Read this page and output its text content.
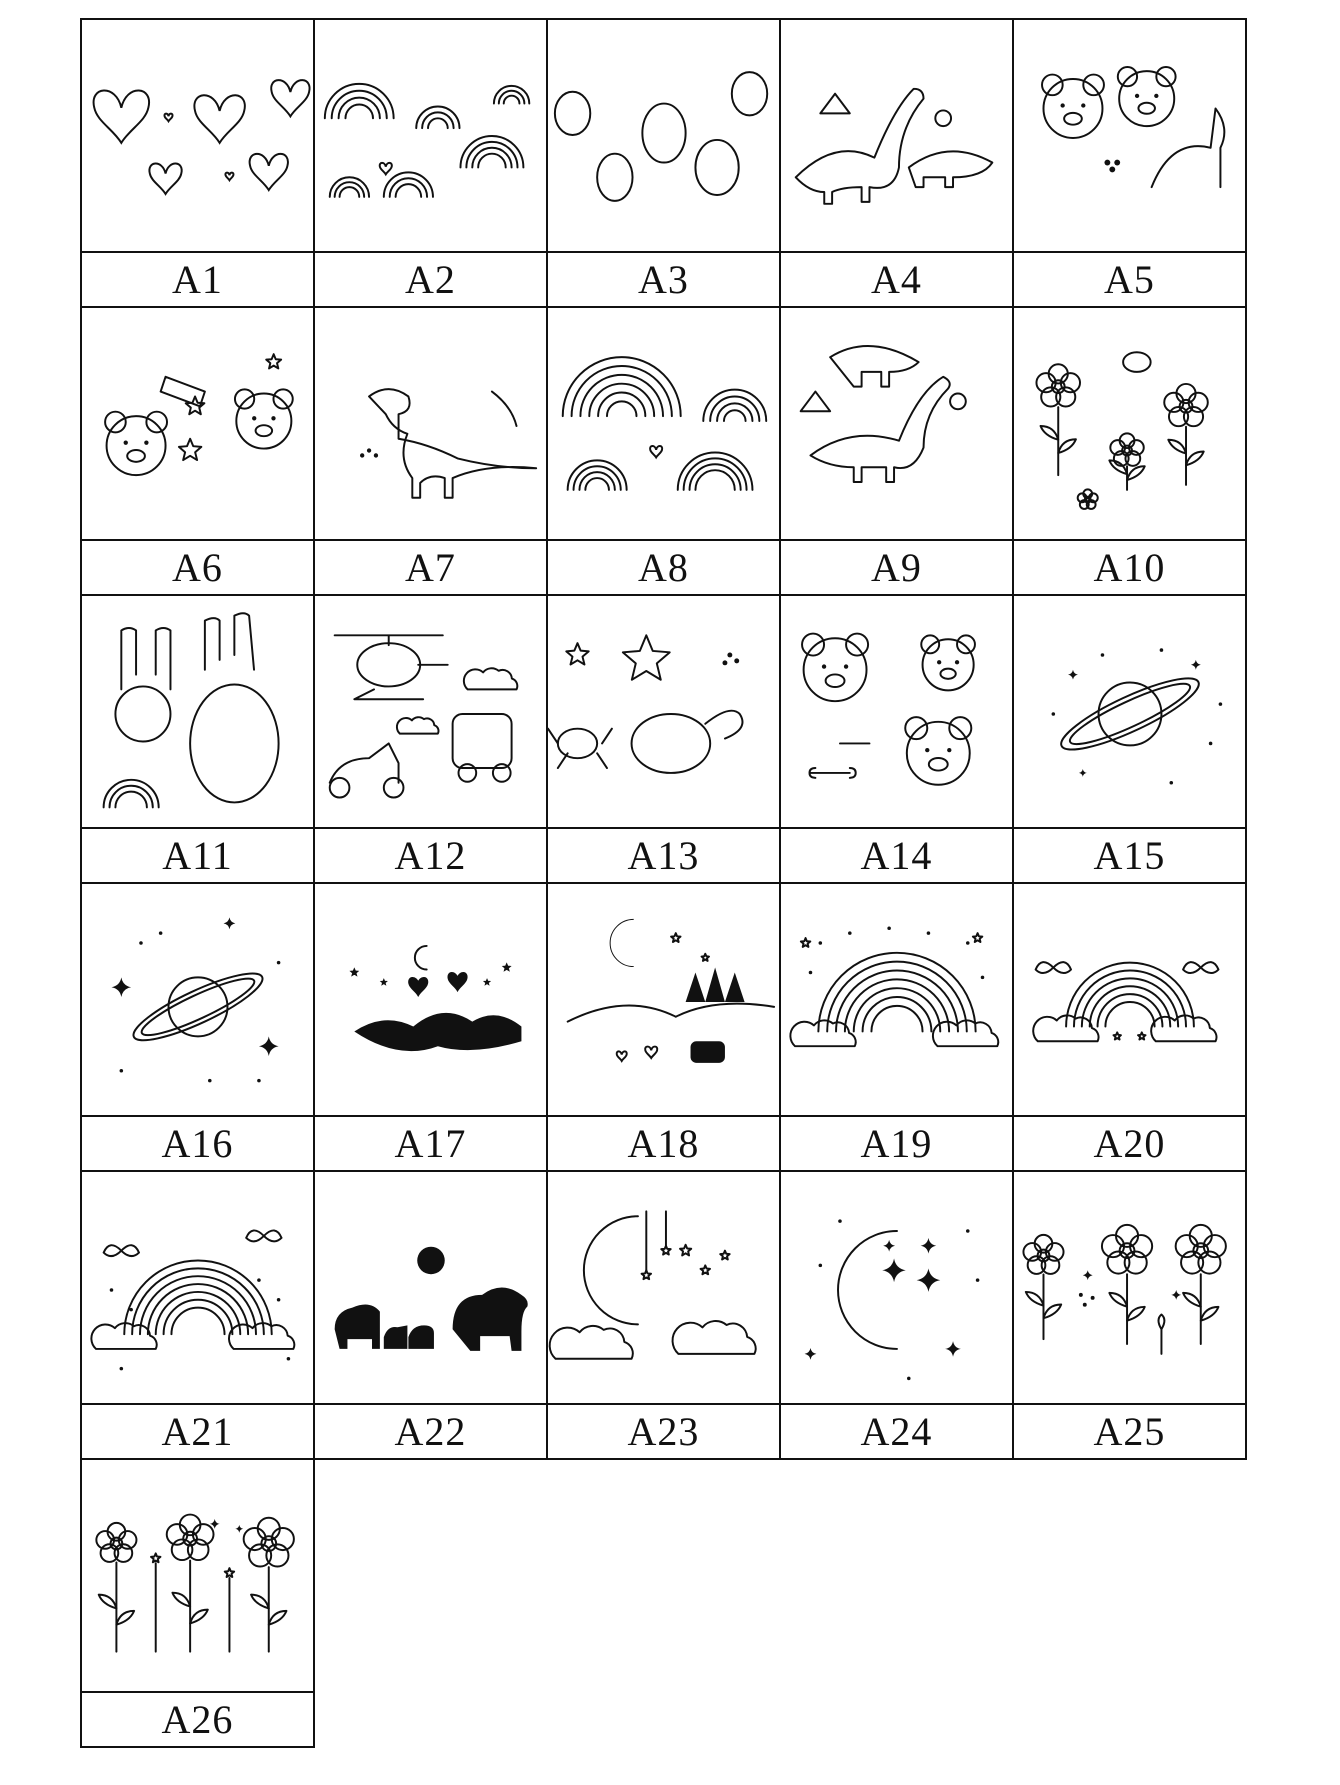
A1	A2	A3	A4	A5
A6	A7	A8	A9	A10
A11	A12	A13	A14	A15
A16	A17	A18	A19	A20
A21	A22	A23	A24	A25
A26
